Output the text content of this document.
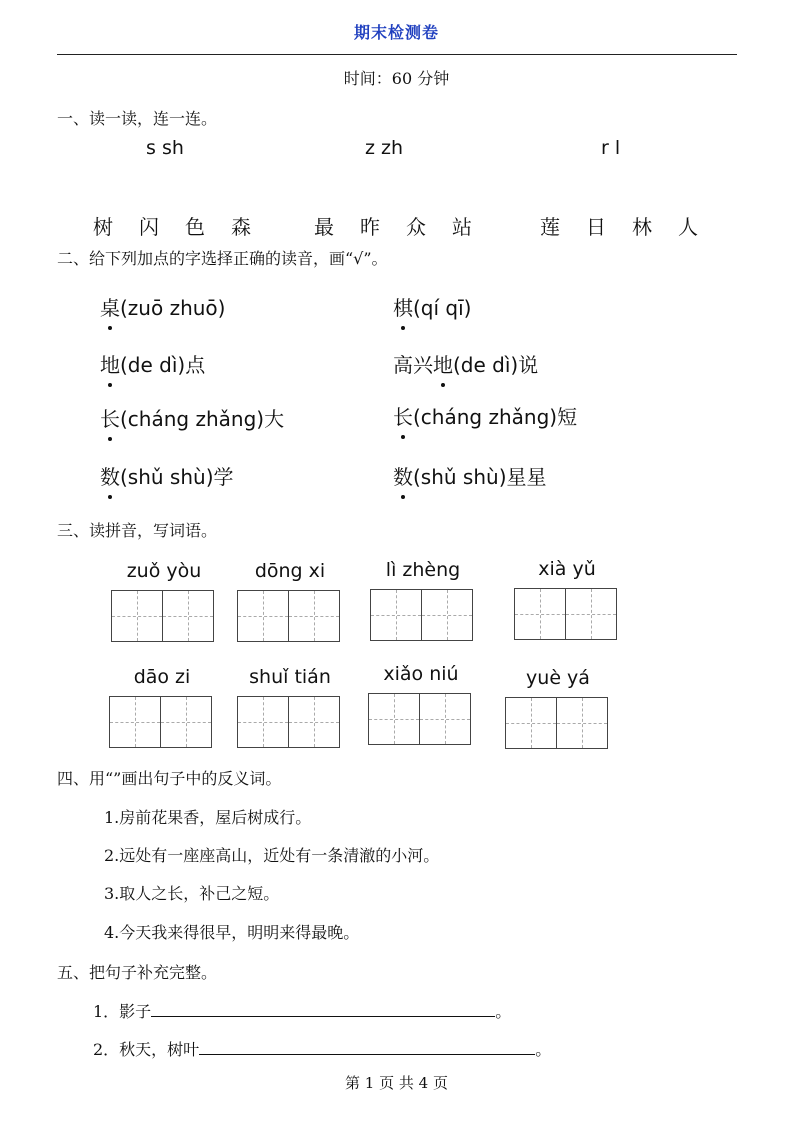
期末检测卷
时间：60 分钟
一、读一读，连一连。
s sh	z zh	r l
树 闪 色 森	最 昨 众 站	莲 日 林 人
二、给下列加点的字选择正确的读音，画“√”。
桌(zuō zhuō)	棋(qí qī)
地(de dì)点	高兴地(de dì)说
长(cháng zhǎng)大	长(cháng zhǎng)短
数(shǔ shù)学	数(shǔ shù)星星
三、读拼音，写词语。
zuǒ yòu	dōng xi	lì zhèng	xià yǔ
dāo zi	shuǐ tián	xiǎo niú	yuè yá
四、用“”画出句子中的反义词。
1.房前花果香，屋后树成行。
2.远处有一座座高山，近处有一条清澈的小河。
3.取人之长，补己之短。
4.今天我来得很早，明明来得最晚。
五、把句子补充完整。
1．影子	。
2．秋天，树叶	。
第 1 页 共 4 页
